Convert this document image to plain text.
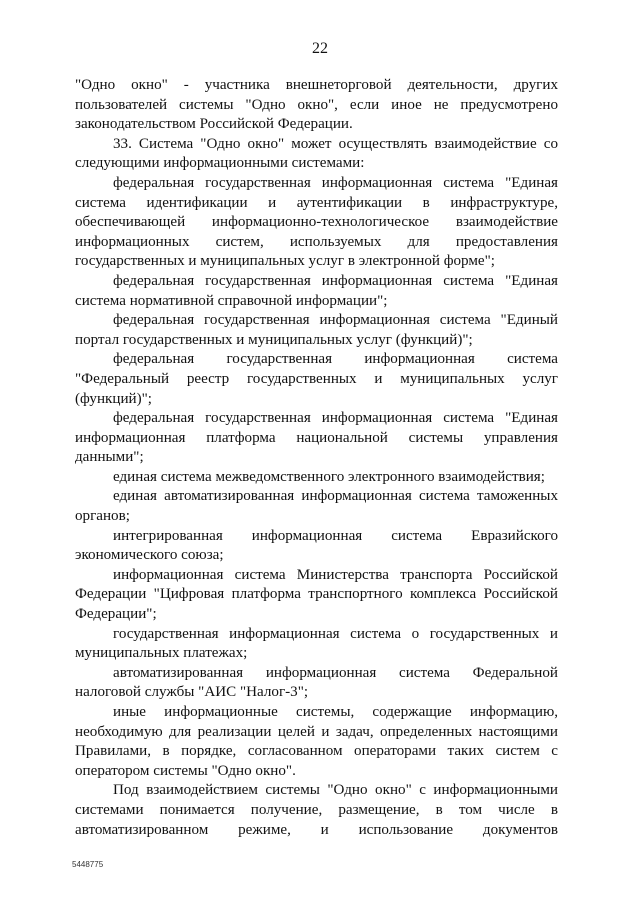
22

"Одно окно" - участника внешнеторговой деятельности, других пользователей системы "Одно окно", если иное не предусмотрено законодательством Российской Федерации.

33. Система "Одно окно" может осуществлять взаимодействие со следующими информационными системами:

федеральная государственная информационная система "Единая система идентификации и аутентификации в инфраструктуре, обеспечивающей информационно-технологическое взаимодействие информационных систем, используемых для предоставления государственных и муниципальных услуг в электронной форме";

федеральная государственная информационная система "Единая система нормативной справочной информации";

федеральная государственная информационная система "Единый портал государственных и муниципальных услуг (функций)";

федеральная государственная информационная система "Федеральный реестр государственных и муниципальных услуг (функций)";

федеральная государственная информационная система "Единая информационная платформа национальной системы управления данными";

единая система межведомственного электронного взаимодействия;

единая автоматизированная информационная система таможенных органов;

интегрированная информационная система Евразийского экономического союза;

информационная система Министерства транспорта Российской Федерации "Цифровая платформа транспортного комплекса Российской Федерации";

государственная информационная система о государственных и муниципальных платежах;

автоматизированная информационная система Федеральной налоговой службы "АИС "Налог-3";

иные информационные системы, содержащие информацию, необходимую для реализации целей и задач, определенных настоящими Правилами, в порядке, согласованном операторами таких систем с оператором системы "Одно окно".

Под взаимодействием системы "Одно окно" с информационными системами понимается получение, размещение, в том числе в автоматизированном режиме, и использование документов

5448775
